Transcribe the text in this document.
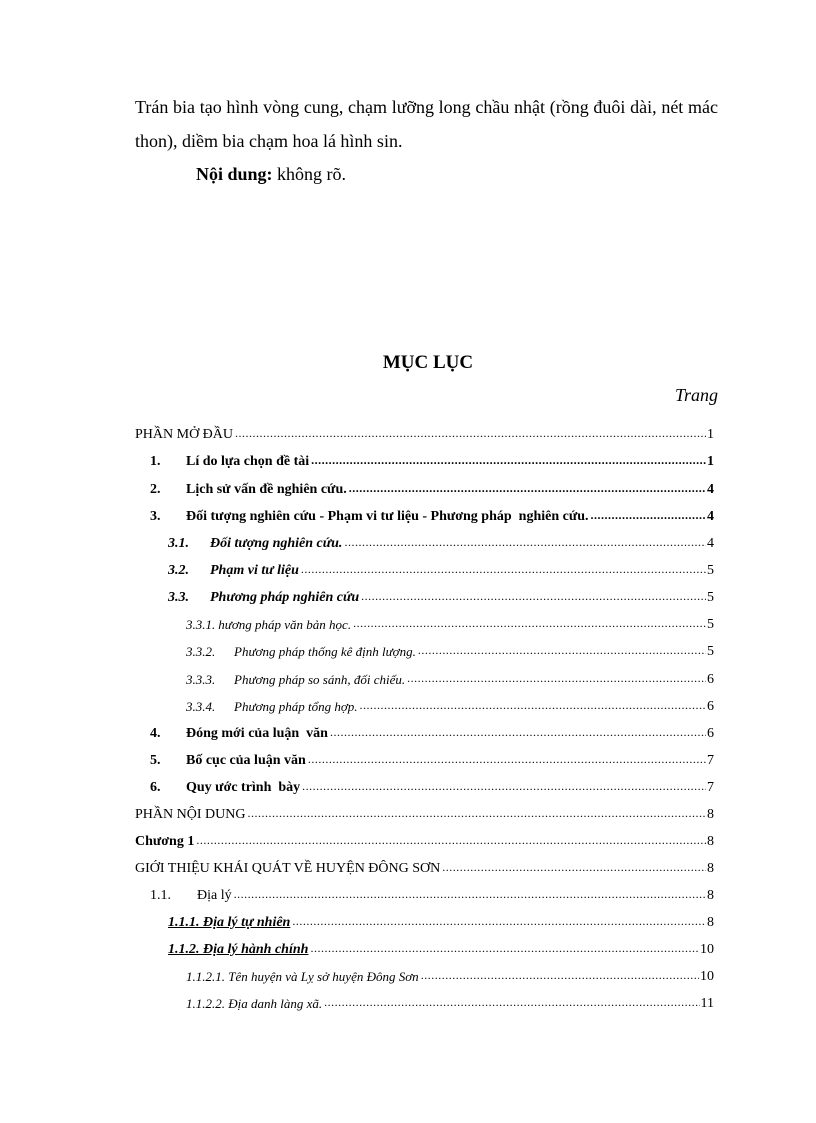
Trán bia tạo hình vòng cung, chạm lưỡng long chầu nhật (rồng đuôi dài, nét mác thon), diềm bia chạm hoa lá hình sin.
Nội dung: không rõ.
MỤC LỤC
Trang
PHẦN MỞ ĐẦU .....	1
1.	Lí do lựa chọn đề tài .....	1
2.	Lịch sử vấn đề nghiên cứu. .....	4
3.	Đối tượng nghiên cứu - Phạm vi tư liệu - Phương pháp  nghiên cứu. .....	4
3.1.	Đối tượng nghiên cứu. .....	4
3.2.	Phạm vi tư liệu .....	5
3.3.	Phương pháp nghiên cứu .....	5
3.3.1. hương pháp văn bản học. .....	5
3.3.2.	Phương pháp thống kê định lượng. .....	5
3.3.3.	Phương pháp so sánh, đối chiếu. .....	6
3.3.4.	Phương pháp tổng hợp. .....	6
4.	Đóng mới của luận  văn .....	6
5.	Bố cục của luận văn .....	7
6.	Quy ước trình  bày .....	7
PHẦN NỘI DUNG .....	8
Chương 1 .....	8
GIỚI THIỆU KHÁI QUÁT VỀ HUYỆN ĐÔNG SƠN .....	8
1.1.	Địa lý .....	8
1.1.1. Địa lý tự nhiên .....	8
1.1.2. Địa lý hành chính .....	10
1.1.2.1. Tên huyện và Lỵ sở huyện Đông Sơn .....	10
1.1.2.2. Địa danh làng xã. .....	11
